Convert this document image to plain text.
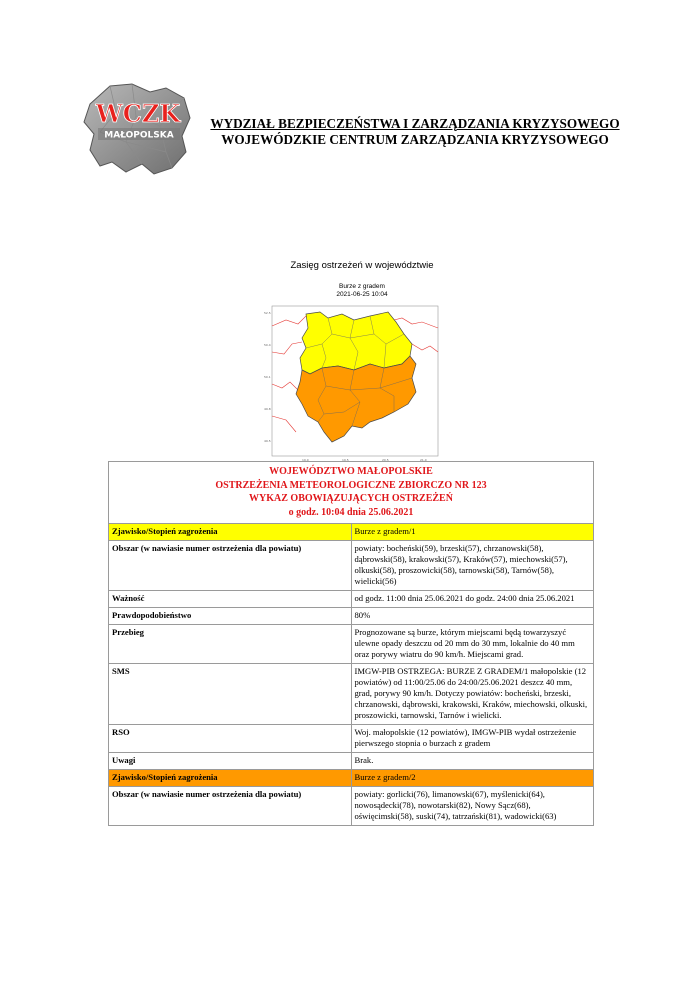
WCZK
MAŁOPOLSKA
WYDZIAŁ BEZPIECZEŃSTWA I ZARZĄDZANIA KRYZYSOWEGO
WOJEWÓDZKIE CENTRUM ZARZĄDZANIA KRYZYSOWEGO
Zasięg ostrzeżeń w województwie
Burze z gradem
2021-06-25 10:04
52.5
50.4
50.1
49.8
49.5
19.0	19.5	20.5	21.0
WOJEWÓDZTWO MAŁOPOLSKIE
OSTRZEŻENIA METEOROLOGICZNE ZBIORCZO NR 123
WYKAZ OBOWIĄZUJĄCYCH OSTRZEŻEŃ
o godz. 10:04 dnia 25.06.2021	

Zjawisko/Stopień zagrożenia	Burze z gradem/1
Obszar (w nawiasie numer ostrzeżenia dla powiatu)	powiaty: bocheński(59), brzeski(57), chrzanowski(58), dąbrowski(58), krakowski(57), Kraków(57), miechowski(57), olkuski(58), proszowicki(58), tarnowski(58), Tarnów(58), wielicki(56)
Ważność	od godz. 11:00 dnia 25.06.2021 do godz. 24:00 dnia 25.06.2021
Prawdopodobieństwo	80%
Przebieg	Prognozowane są burze, którym miejscami będą towarzyszyć ulewne opady deszczu od 20 mm do 30 mm, lokalnie do 40 mm oraz porywy wiatru do 90 km/h. Miejscami grad.
SMS	IMGW-PIB OSTRZEGA: BURZE Z GRADEM/1 małopolskie (12 powiatów) od 11:00/25.06 do 24:00/25.06.2021 deszcz 40 mm, grad, porywy 90 km/h. Dotyczy powiatów: bocheński, brzeski, chrzanowski, dąbrowski, krakowski, Kraków, miechowski, olkuski, proszowicki, tarnowski, Tarnów i wielicki.
RSO	Woj. małopolskie (12 powiatów), IMGW-PIB wydał ostrzeżenie pierwszego stopnia o burzach z gradem
Uwagi	Brak.
Zjawisko/Stopień zagrożenia	Burze z gradem/2
Obszar (w nawiasie numer ostrzeżenia dla powiatu)	powiaty: gorlicki(76), limanowski(67), myślenicki(64), nowosądecki(78), nowotarski(82), Nowy Sącz(68), oświęcimski(58), suski(74), tatrzański(81), wadowicki(63)
